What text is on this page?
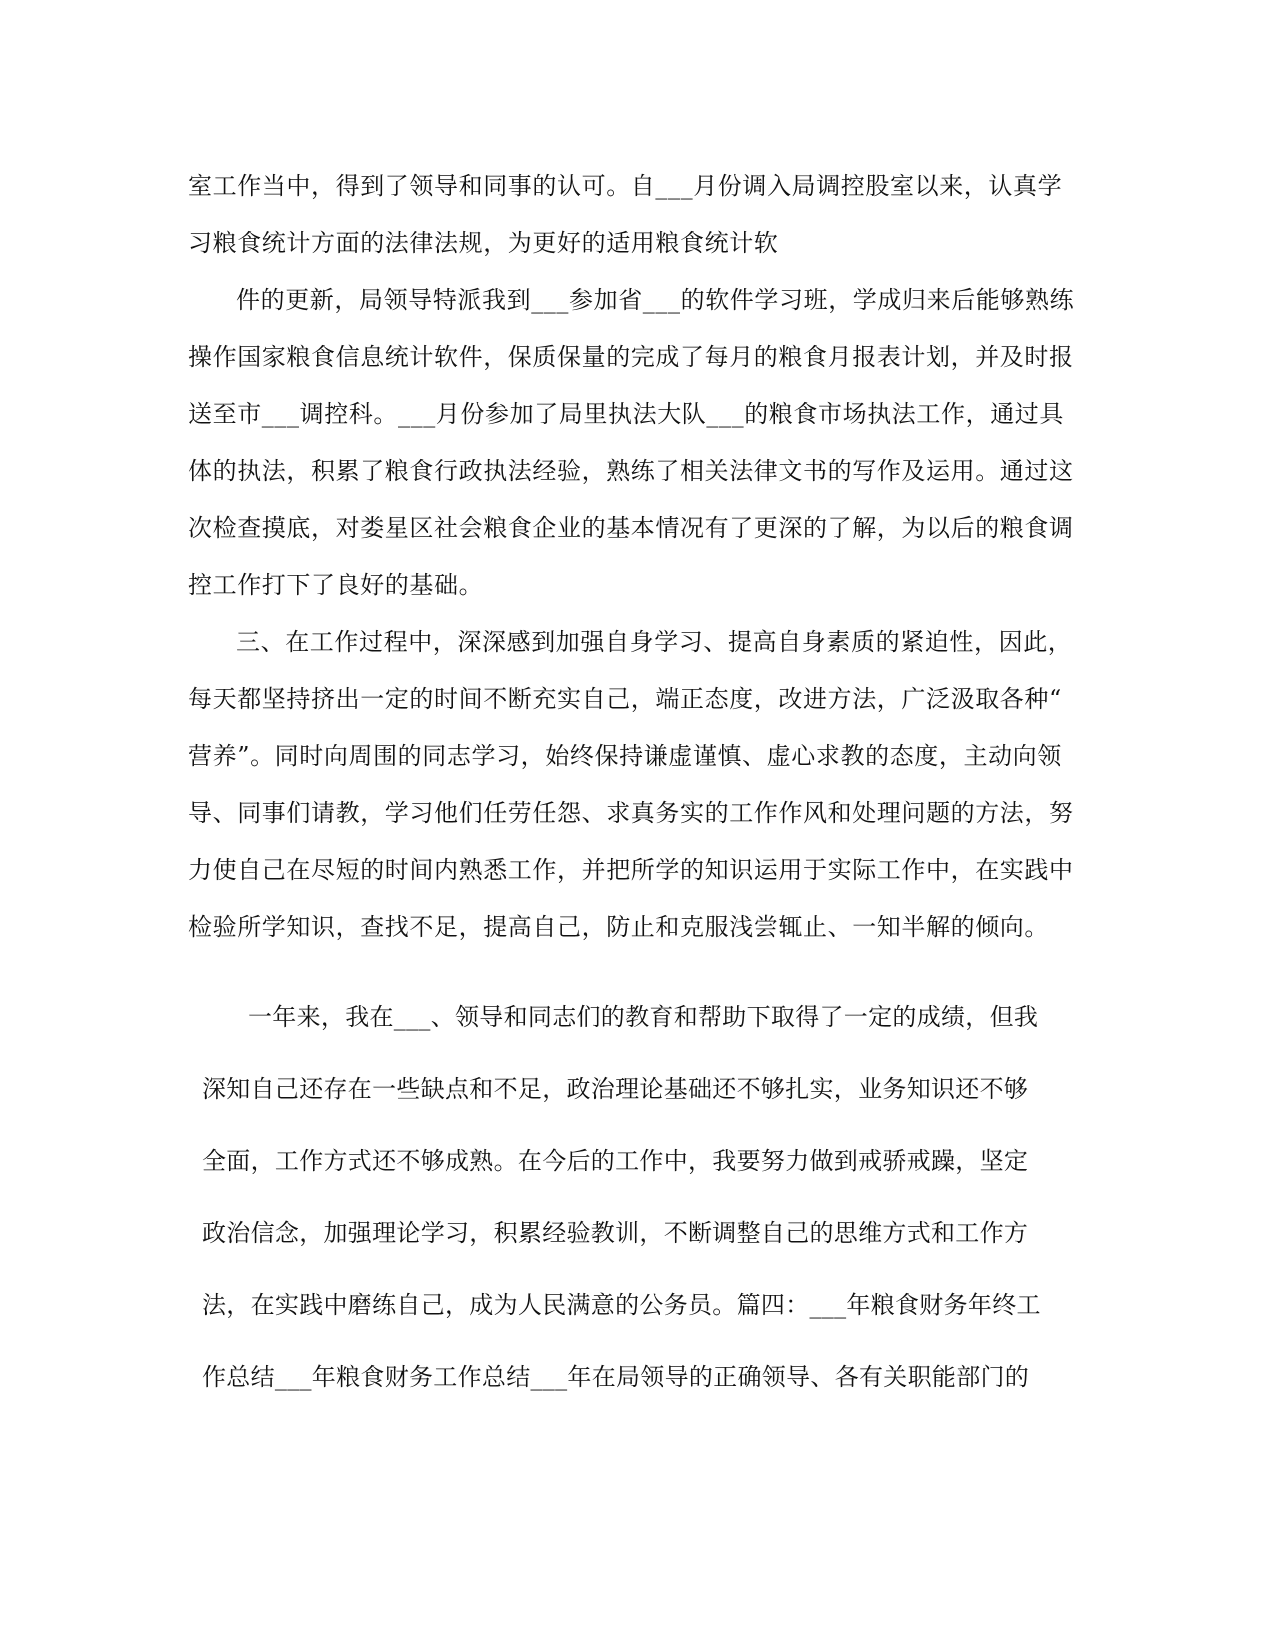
室工作当中，得到了领导和同事的认可。自___月份调入局调控股室以来，认真学
习粮食统计方面的法律法规，为更好的适用粮食统计软
件的更新，局领导特派我到___参加省___的软件学习班，学成归来后能够熟练
操作国家粮食信息统计软件，保质保量的完成了每月的粮食月报表计划，并及时报
送至市___调控科。___月份参加了局里执法大队___的粮食市场执法工作，通过具
体的执法，积累了粮食行政执法经验，熟练了相关法律文书的写作及运用。通过这
次检查摸底，对娄星区社会粮食企业的基本情况有了更深的了解，为以后的粮食调
控工作打下了良好的基础。
三、在工作过程中，深深感到加强自身学习、提高自身素质的紧迫性，因此，
每天都坚持挤出一定的时间不断充实自己，端正态度，改进方法，广泛汲取各种“
营养”。同时向周围的同志学习，始终保持谦虚谨慎、虚心求教的态度，主动向领
导、同事们请教，学习他们任劳任怨、求真务实的工作作风和处理问题的方法，努
力使自己在尽短的时间内熟悉工作，并把所学的知识运用于实际工作中，在实践中
检验所学知识，查找不足，提高自己，防止和克服浅尝辄止、一知半解的倾向。
一年来，我在___、领导和同志们的教育和帮助下取得了一定的成绩，但我
深知自己还存在一些缺点和不足，政治理论基础还不够扎实，业务知识还不够
全面，工作方式还不够成熟。在今后的工作中，我要努力做到戒骄戒躁，坚定
政治信念，加强理论学习，积累经验教训，不断调整自己的思维方式和工作方
法，在实践中磨练自己，成为人民满意的公务员。篇四：___年粮食财务年终工
作总结___年粮食财务工作总结___年在局领导的正确领导、各有关职能部门的
